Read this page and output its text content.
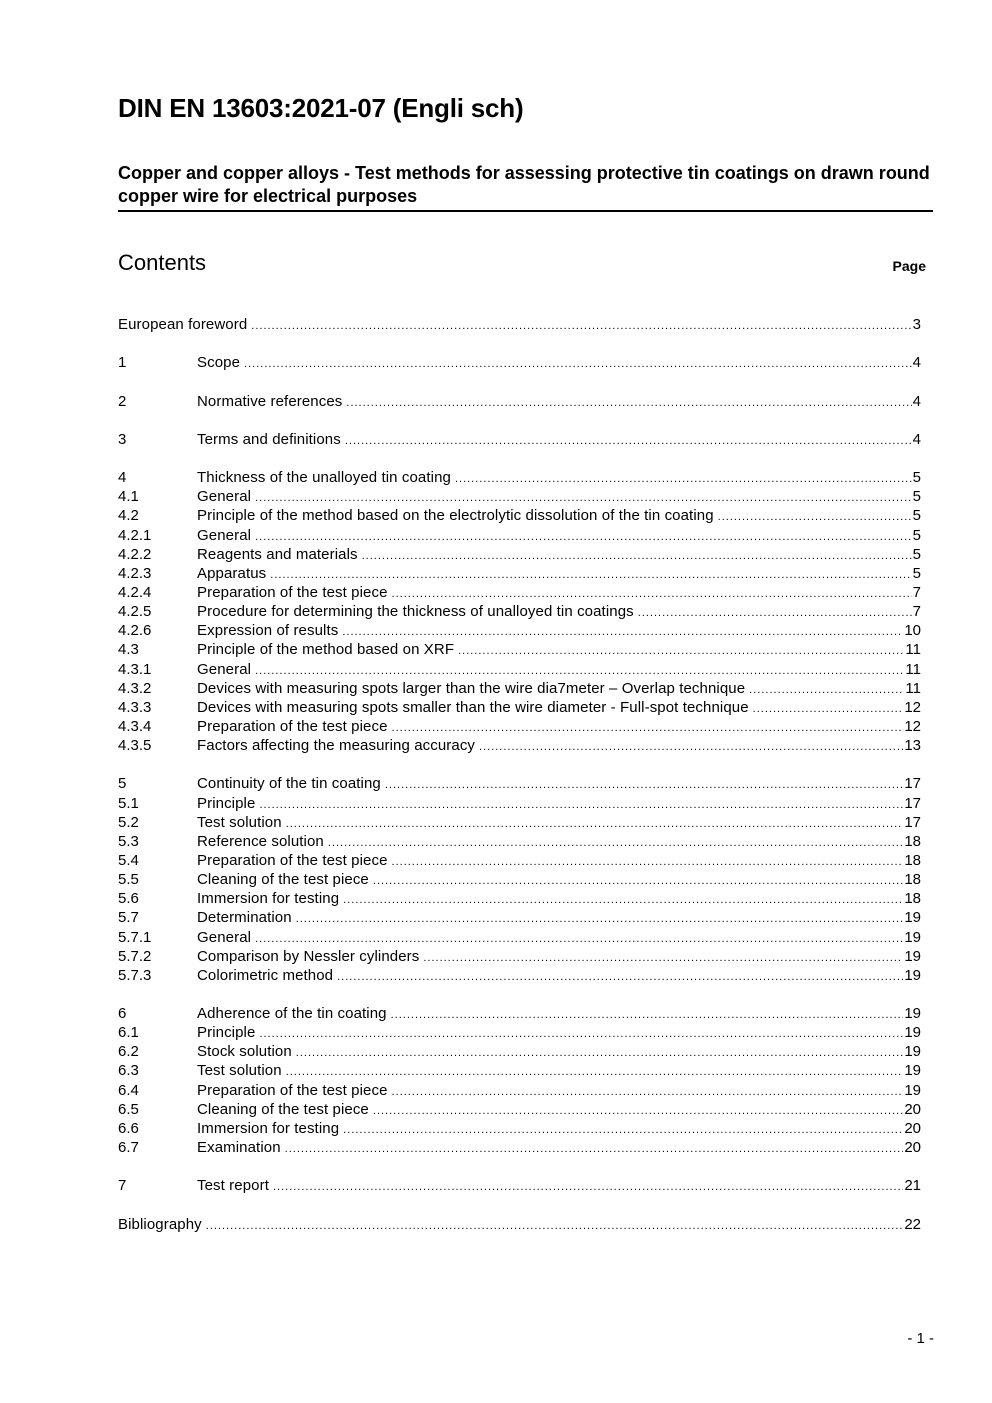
DIN EN 13603:2021-07 (Engli sch)
Copper and copper alloys - Test methods for assessing protective tin coatings on drawn round copper wire for electrical purposes
Contents	Page
European foreword .....	3
1	Scope .....	4
2	Normative references .....	4
3	Terms and definitions .....	4
4	Thickness of the unalloyed tin coating .....	5
4.1	General .....	5
4.2	Principle of the method based on the electrolytic dissolution of the tin coating .....	5
4.2.1	General .....	5
4.2.2	Reagents and materials .....	5
4.2.3	Apparatus .....	5
4.2.4	Preparation of the test piece .....	7
4.2.5	Procedure for determining the thickness of unalloyed tin coatings .....	7
4.2.6	Expression of results .....	10
4.3	Principle of the method based on XRF .....	11
4.3.1	General .....	11
4.3.2	Devices with measuring spots larger than the wire dia7meter – Overlap technique .....	11
4.3.3	Devices with measuring spots smaller than the wire diameter - Full-spot technique .....	12
4.3.4	Preparation of the test piece .....	12
4.3.5	Factors affecting the measuring accuracy .....	13
5	Continuity of the tin coating .....	17
5.1	Principle .....	17
5.2	Test solution .....	17
5.3	Reference solution .....	18
5.4	Preparation of the test piece .....	18
5.5	Cleaning of the test piece .....	18
5.6	Immersion for testing .....	18
5.7	Determination .....	19
5.7.1	General .....	19
5.7.2	Comparison by Nessler cylinders .....	19
5.7.3	Colorimetric method .....	19
6	Adherence of the tin coating .....	19
6.1	Principle .....	19
6.2	Stock solution .....	19
6.3	Test solution .....	19
6.4	Preparation of the test piece .....	19
6.5	Cleaning of the test piece .....	20
6.6	Immersion for testing .....	20
6.7	Examination .....	20
7	Test report .....	21
Bibliography .....	22
- 1 -
